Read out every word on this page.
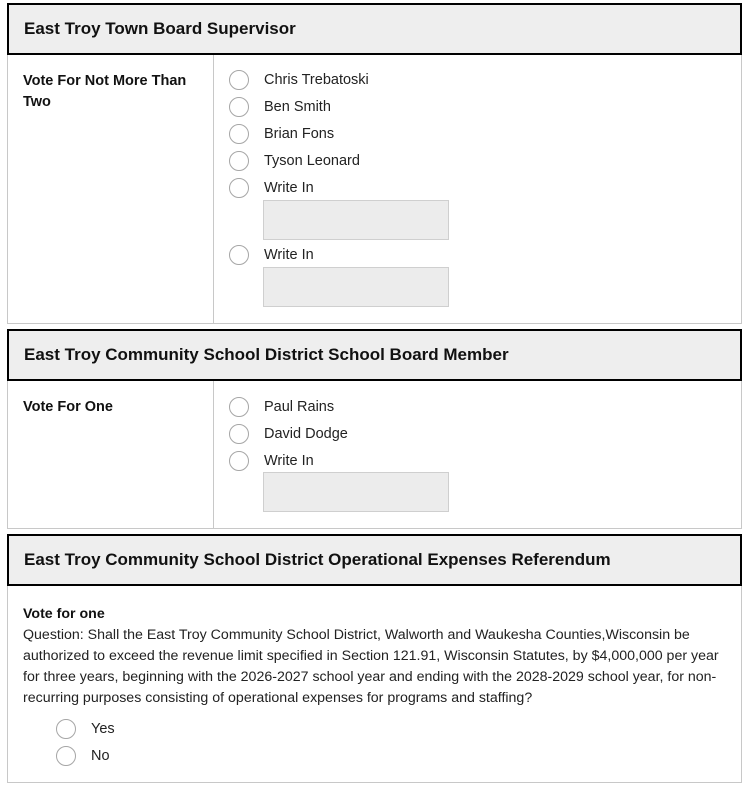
East Troy Town Board Supervisor
Vote For Not More Than Two
Chris Trebatoski
Ben Smith
Brian Fons
Tyson Leonard
Write In
Write In
East Troy Community School District School Board Member
Vote For One	Paul Rains
David Dodge
Write In
East Troy Community School District Operational Expenses Referendum

Vote for one

Question: Shall the East Troy Community School District, Walworth and Waukesha Counties,Wisconsin be authorized to exceed the revenue limit specified in Section 121.91, Wisconsin Statutes, by $4,000,000 per year for three years, beginning with the 2026-2027 school year and ending with the 2028-2029 school year, for non-recurring purposes consisting of operational expenses for programs and staffing?

Yes
No
